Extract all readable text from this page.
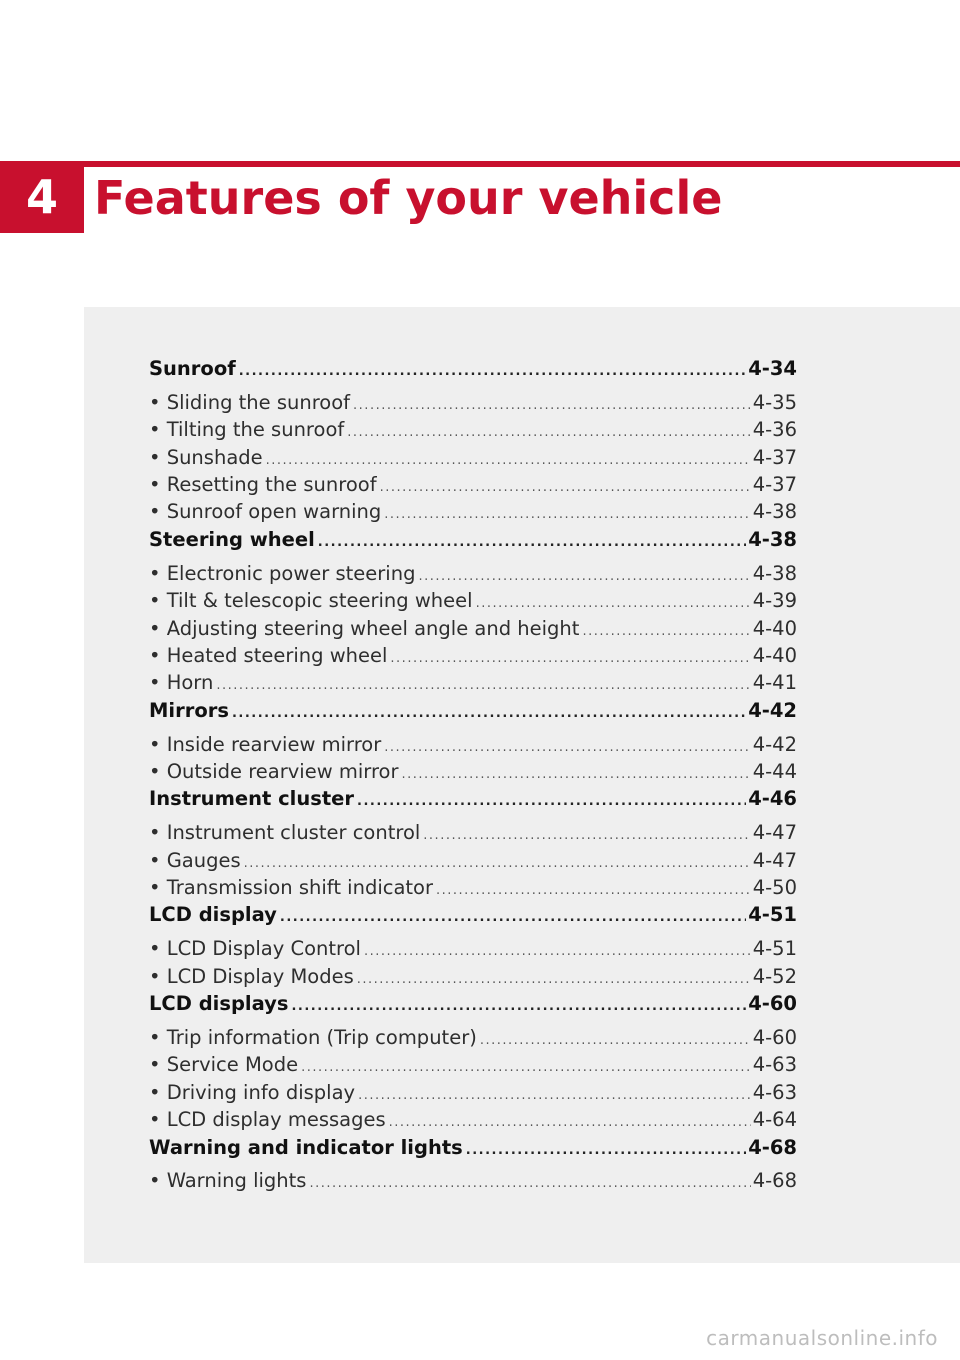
4 Features of your vehicle
Sunroof .....	4-34
• Sliding the sunroof .....	4-35
• Tilting the sunroof .....	4-36
• Sunshade .....	4-37
• Resetting the sunroof .....	4-37
• Sunroof open warning .....	4-38
Steering wheel .....	4-38
• Electronic power steering .....	4-38
• Tilt & telescopic steering wheel .....	4-39
• Adjusting steering wheel angle and height .....	4-40
• Heated steering wheel .....	4-40
• Horn .....	4-41
Mirrors .....	4-42
• Inside rearview mirror .....	4-42
• Outside rearview mirror .....	4-44
Instrument cluster .....	4-46
• Instrument cluster control .....	4-47
• Gauges .....	4-47
• Transmission shift indicator .....	4-50
LCD display .....	4-51
• LCD Display Control .....	4-51
• LCD Display Modes .....	4-52
LCD displays .....	4-60
• Trip information (Trip computer) .....	4-60
• Service Mode .....	4-63
• Driving info display .....	4-63
• LCD display messages .....	4-64
Warning and indicator lights .....	4-68
• Warning lights .....	4-68
carmanualsonline.info
